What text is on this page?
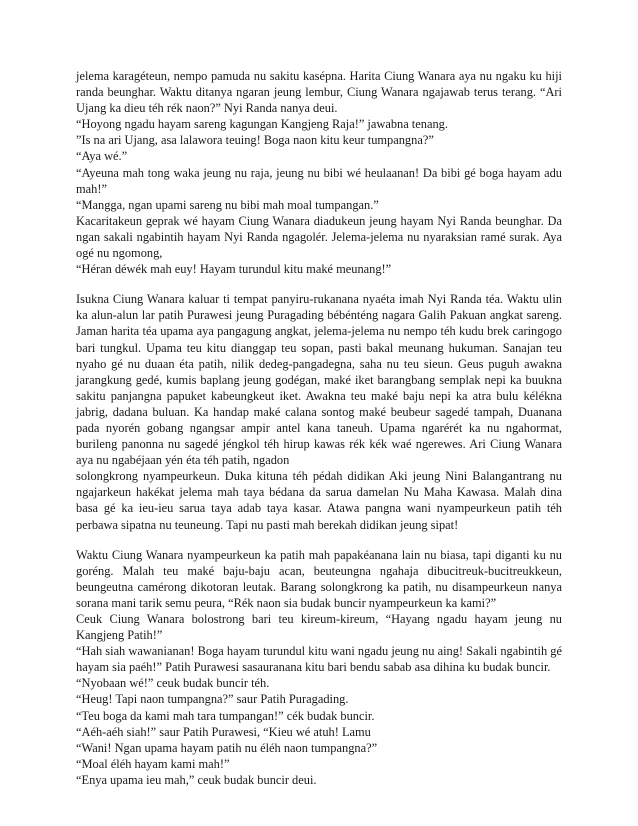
jelema karagéteun, nempo pamuda nu sakitu kasépna. Harita Ciung Wanara aya nu ngaku ku hiji randa beunghar. Waktu ditanya ngaran jeung lembur, Ciung Wanara ngajawab terus terang. “Ari Ujang ka dieu téh rék naon?” Nyi Randa nanya deui.
“Hoyong ngadu hayam sareng kagungan Kangjeng Raja!” jawabna tenang.
”Is na ari Ujang, asa lalawora teuing! Boga naon kitu keur tumpangna?”
“Aya wé.”
“Ayeuna mah tong waka jeung nu raja, jeung nu bibi wé heulaanan! Da bibi gé boga hayam adu mah!”
“Mangga, ngan upami sareng nu bibi mah moal tumpangan.”
Kacaritakeun geprak wé hayam Ciung Wanara diadukeun jeung hayam Nyi Randa beunghar. Da ngan sakali ngabintih hayam Nyi Randa ngagolér. Jelema-jelema nu nyaraksian ramé surak. Aya ogé nu ngomong,
“Héran déwék mah euy! Hayam turundul kitu maké meunang!”
Isukna Ciung Wanara kaluar ti tempat panyiru-rukanana nyaéta imah Nyi Randa téa. Waktu ulin ka alun-alun lar patih Purawesi jeung Puragading bébénténg nagara Galih Pakuan angkat sareng. Jaman harita téa upama aya pangagung angkat, jelema-jelema nu nempo téh kudu brek caringogo bari tungkul. Upama teu kitu dianggap teu sopan, pasti bakal meunang hukuman. Sanajan teu nyaho gé nu duaan éta patih, nilik dedeg-pangadegna, saha nu teu sieun. Geus puguh awakna jarangkung gedé, kumis baplang jeung godégan, maké iket barangbang semplak nepi ka buukna sakitu panjangna papuket kabeungkeut iket. Awakna teu maké baju nepi ka atra bulu kélékna jabrig, dadana buluan. Ka handap maké calana sontog maké beubeur sagedé tampah, Duanana pada nyorén gobang ngangsar ampir antel kana taneuh. Upama ngarérét ka nu ngahormat, burileng panonna nu sagedé jéngkol téh hirup kawas rék kék waé ngerewes. Ari Ciung Wanara aya nu ngabéjaan yén éta téh patih, ngadon
solongkrong nyampeurkeun. Duka kituna téh pédah didikan Aki jeung Nini Balangantrang nu ngajarkeun hakékat jelema mah taya bédana da sarua damelan Nu Maha Kawasa. Malah dina basa gé ka ieu-ieu sarua taya adab taya kasar. Atawa pangna wani nyampeurkeun patih téh perbawa sipatna nu teuneung. Tapi nu pasti mah berekah didikan jeung sipat!
Waktu Ciung Wanara nyampeurkeun ka patih mah papakéanana lain nu biasa, tapi diganti ku nu goréng. Malah teu maké baju-baju acan, beuteungna ngahaja dibucitreuk-bucitreukkeun, beungeutna camérong dikotoran leutak. Barang solongkrong ka patih, nu disampeurkeun nanya sorana mani tarik semu peura, “Rék naon sia budak buncir nyampeurkeun ka kami?”
Ceuk Ciung Wanara bolostrong bari teu kireum-kireum, “Hayang ngadu hayam jeung nu Kangjeng Patih!”
“Hah siah wawanianan! Boga hayam turundul kitu wani ngadu jeung nu aing! Sakali ngabintih gé hayam sia paéh!” Patih Purawesi sasauranana kitu bari bendu sabab asa dihina ku budak buncir.
“Nyobaan wé!” ceuk budak buncir téh.
“Heug! Tapi naon tumpangna?” saur Patih Puragading.
“Teu boga da kami mah tara tumpangan!” cék budak buncir.
“Aéh-aéh siah!” saur Patih Purawesi, “Kieu wé atuh! Lamu
“Wani! Ngan upama hayam patih nu éléh naon tumpangna?”
“Moal éléh hayam kami mah!”
“Enya upama ieu mah,” ceuk budak buncir deui.
